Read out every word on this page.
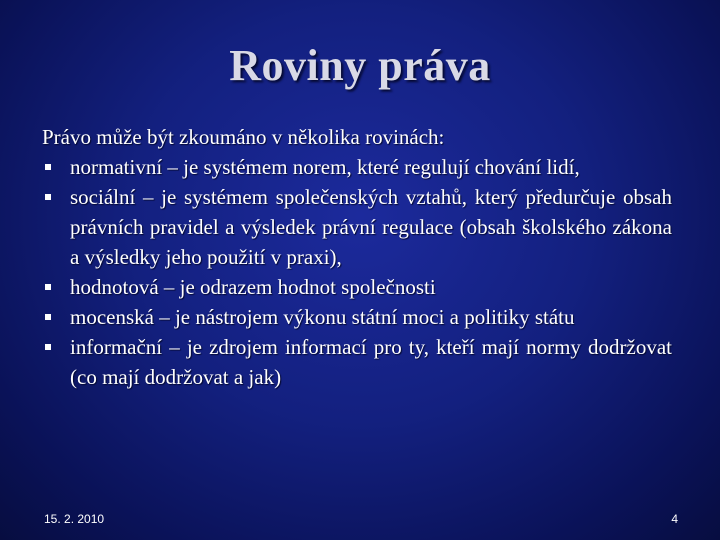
Roviny práva

Právo může být zkoumáno v několika rovinách:

normativní – je systémem norem, které regulují chování lidí,
sociální – je systémem společenských vztahů, který předurčuje obsah právních pravidel a výsledek právní regulace (obsah školského zákona a výsledky jeho použití v praxi),
hodnotová – je odrazem hodnot společnosti
mocenská – je nástrojem výkonu státní moci a politiky státu
informační – je zdrojem informací pro ty, kteří mají normy dodržovat (co mají dodržovat a jak)
15. 2. 2010	4
